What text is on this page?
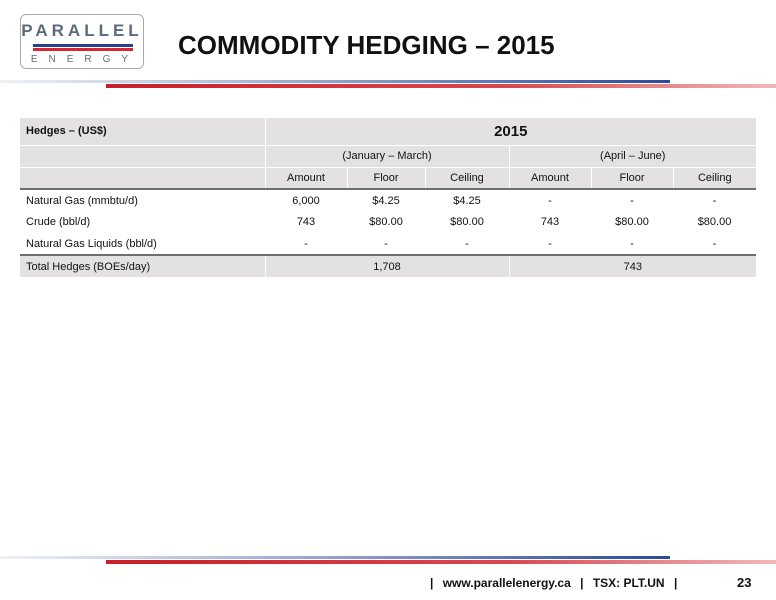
PARALLEL
ENERGY COMMODITY HEDGING – 2015
Hedges – (US$)	2015					
	(January – March)			(April – June)		
	Amount	Floor	Ceiling	Amount	Floor	Ceiling
Natural Gas (mmbtu/d)	6,000	$4.25	$4.25	-	-	-
Crude (bbl/d)	743	$80.00	$80.00	743	$80.00	$80.00
Natural Gas Liquids (bbl/d)	-	-	-	-	-	-
Total Hedges (BOEs/day)	1,708			743		
| www.parallelenergy.ca | TSX: PLT.UN |	23
